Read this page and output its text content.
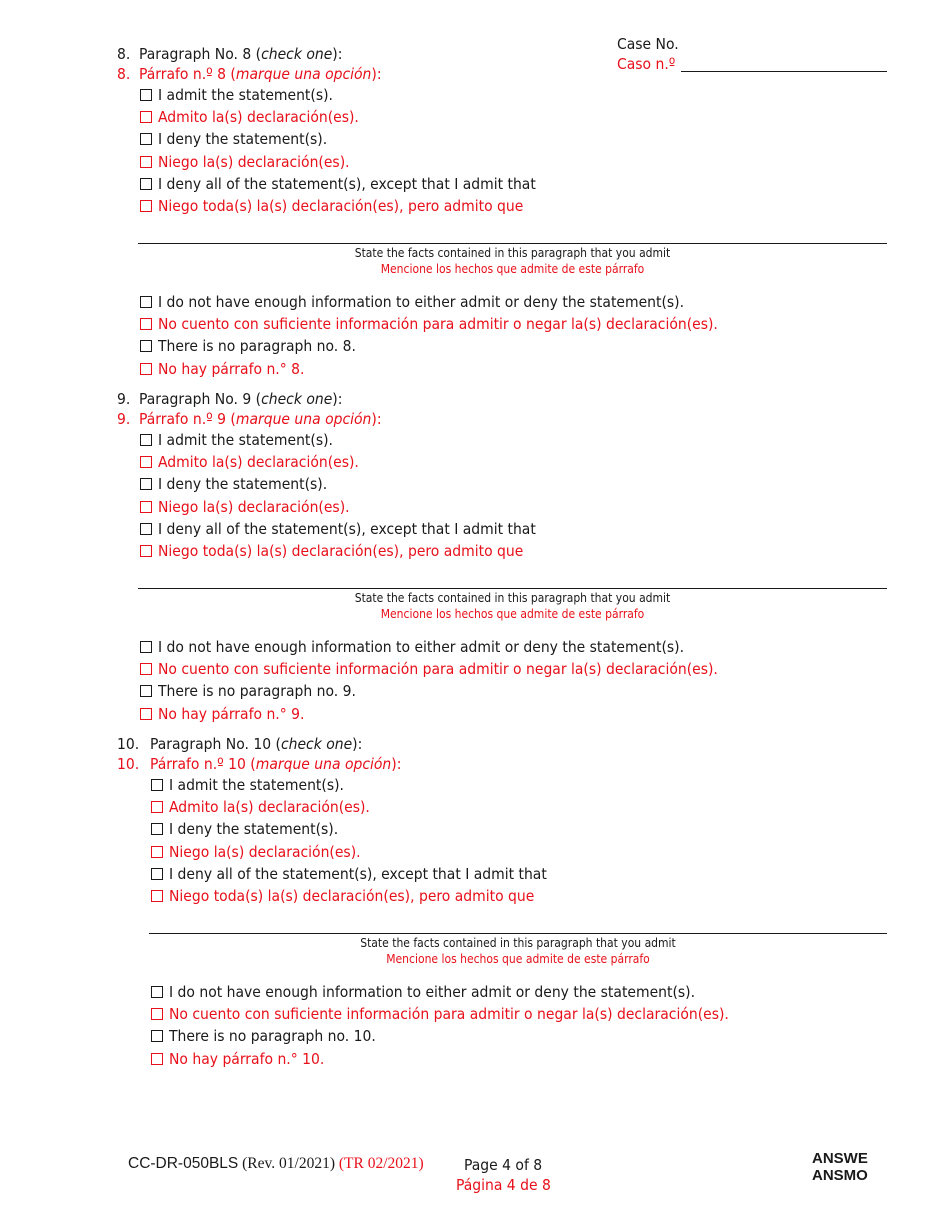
Case No.
Caso n.º
8. Paragraph No. 8 (check one):
8. Párrafo n.º 8 (marque una opción):
I admit the statement(s).
Admito la(s) declaración(es).
I deny the statement(s).
Niego la(s) declaración(es).
I deny all of the statement(s), except that I admit that
Niego toda(s) la(s) declaración(es), pero admito que
State the facts contained in this paragraph that you admit
Mencione los hechos que admite de este párrafo
I do not have enough information to either admit or deny the statement(s).
No cuento con suficiente información para admitir o negar la(s) declaración(es).
There is no paragraph no. 8.
No hay párrafo n.° 8.
9. Paragraph No. 9 (check one):
9. Párrafo n.º 9 (marque una opción):
I admit the statement(s).
Admito la(s) declaración(es).
I deny the statement(s).
Niego la(s) declaración(es).
I deny all of the statement(s), except that I admit that
Niego toda(s) la(s) declaración(es), pero admito que
State the facts contained in this paragraph that you admit
Mencione los hechos que admite de este párrafo
I do not have enough information to either admit or deny the statement(s).
No cuento con suficiente información para admitir o negar la(s) declaración(es).
There is no paragraph no. 9.
No hay párrafo n.° 9.
10. Paragraph No. 10 (check one):
10. Párrafo n.º 10 (marque una opción):
I admit the statement(s).
Admito la(s) declaración(es).
I deny the statement(s).
Niego la(s) declaración(es).
I deny all of the statement(s), except that I admit that
Niego toda(s) la(s) declaración(es), pero admito que
State the facts contained in this paragraph that you admit
Mencione los hechos que admite de este párrafo
I do not have enough information to either admit or deny the statement(s).
No cuento con suficiente información para admitir o negar la(s) declaración(es).
There is no paragraph no. 10.
No hay párrafo n.° 10.
CC-DR-050BLS (Rev. 01/2021) (TR 02/2021)	Page 4 of 8
Página 4 de 8
ANSWE
ANSMO
